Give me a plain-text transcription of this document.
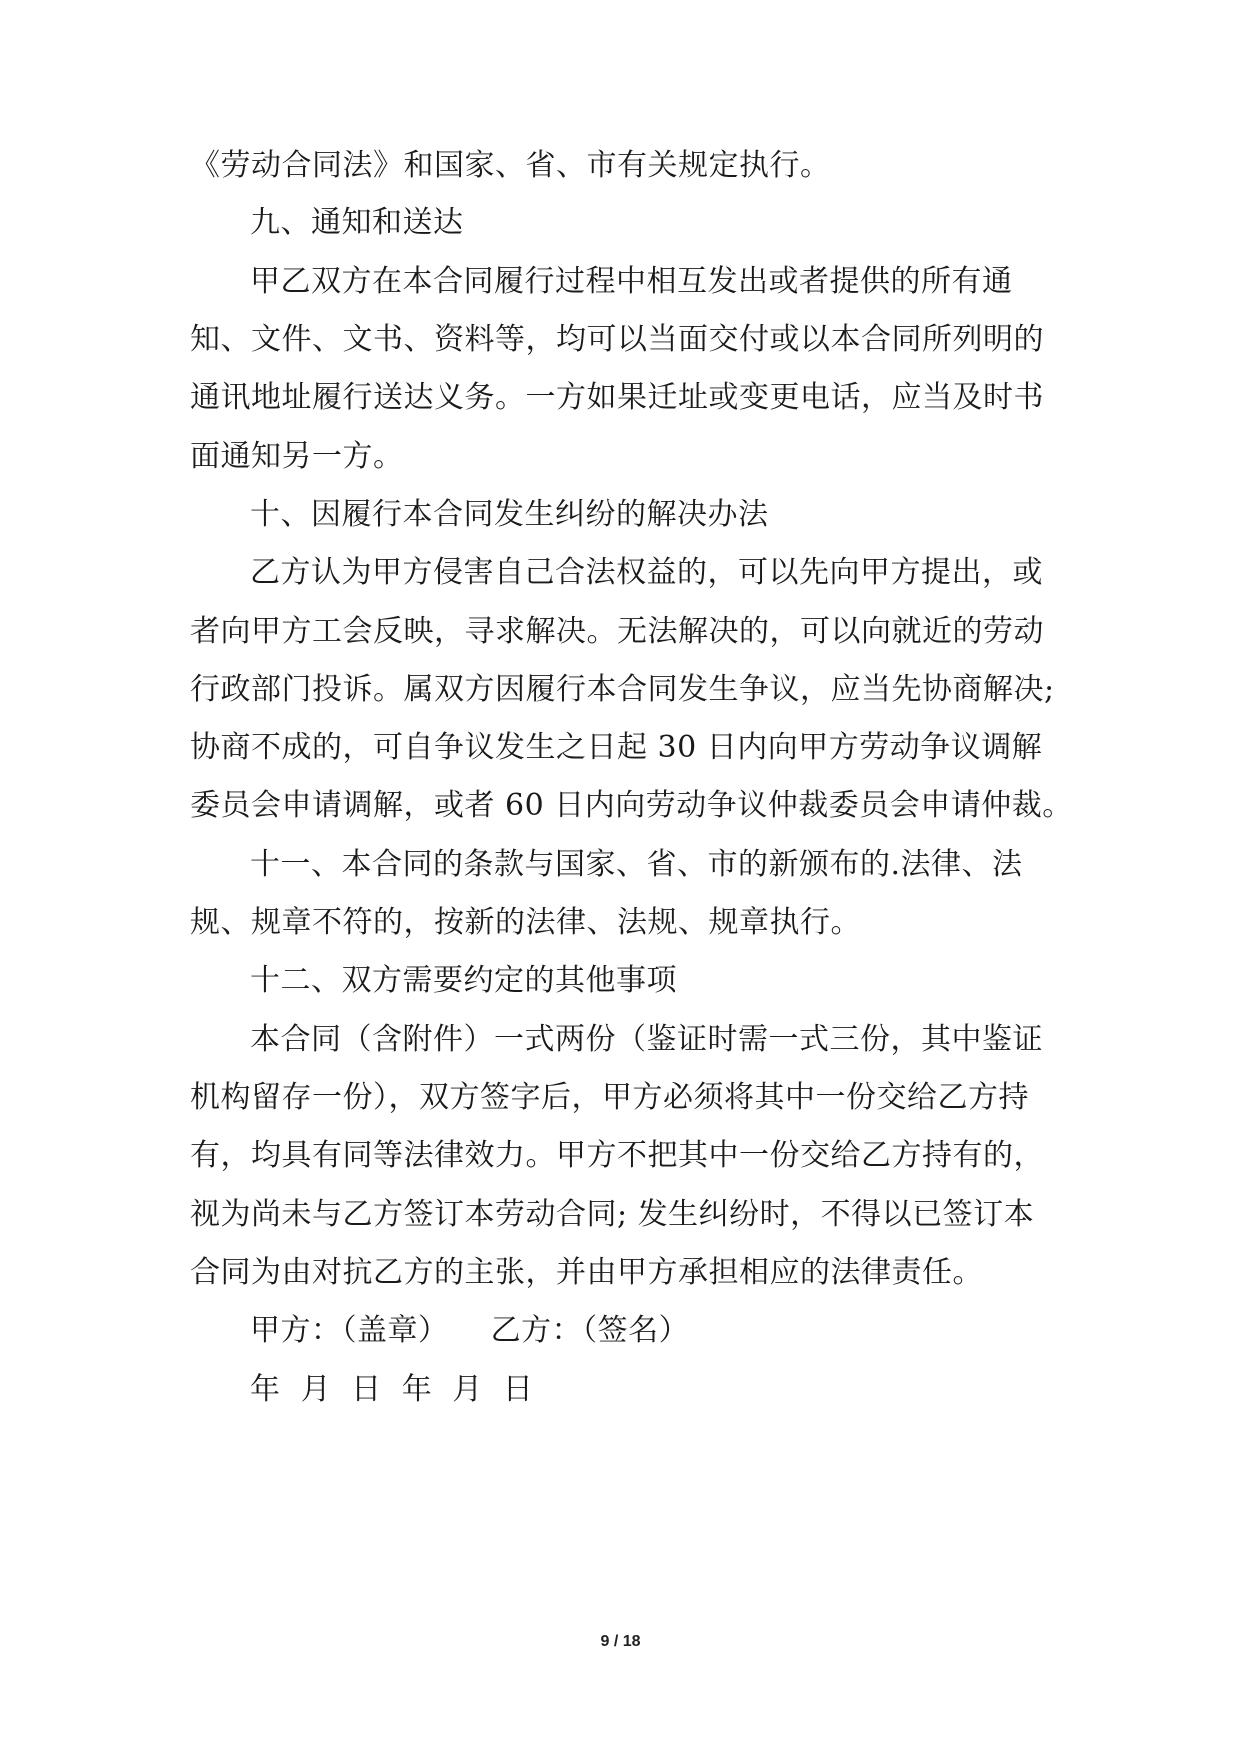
《劳动合同法》和国家、省、市有关规定执行。
九、通知和送达
甲乙双方在本合同履行过程中相互发出或者提供的所有通
知、文件、文书、资料等，均可以当面交付或以本合同所列明的
通讯地址履行送达义务。一方如果迁址或变更电话，应当及时书
面通知另一方。
十、因履行本合同发生纠纷的解决办法
乙方认为甲方侵害自己合法权益的，可以先向甲方提出，或
者向甲方工会反映，寻求解决。无法解决的，可以向就近的劳动
行政部门投诉。属双方因履行本合同发生争议，应当先协商解决;
协商不成的，可自争议发生之日起 30 日内向甲方劳动争议调解
委员会申请调解，或者 60 日内向劳动争议仲裁委员会申请仲裁。
十一、本合同的条款与国家、省、市的新颁布的.法律、法
规、规章不符的，按新的法律、法规、规章执行。
十二、双方需要约定的其他事项
本合同（含附件）一式两份（鉴证时需一式三份，其中鉴证
机构留存一份），双方签字后，甲方必须将其中一份交给乙方持
有，均具有同等法律效力。甲方不把其中一份交给乙方持有的，
视为尚未与乙方签订本劳动合同; 发生纠纷时，不得以已签订本
合同为由对抗乙方的主张，并由甲方承担相应的法律责任。
甲方：（盖章） 乙方：（签名）
年  月  日  年  月  日
9 / 18
